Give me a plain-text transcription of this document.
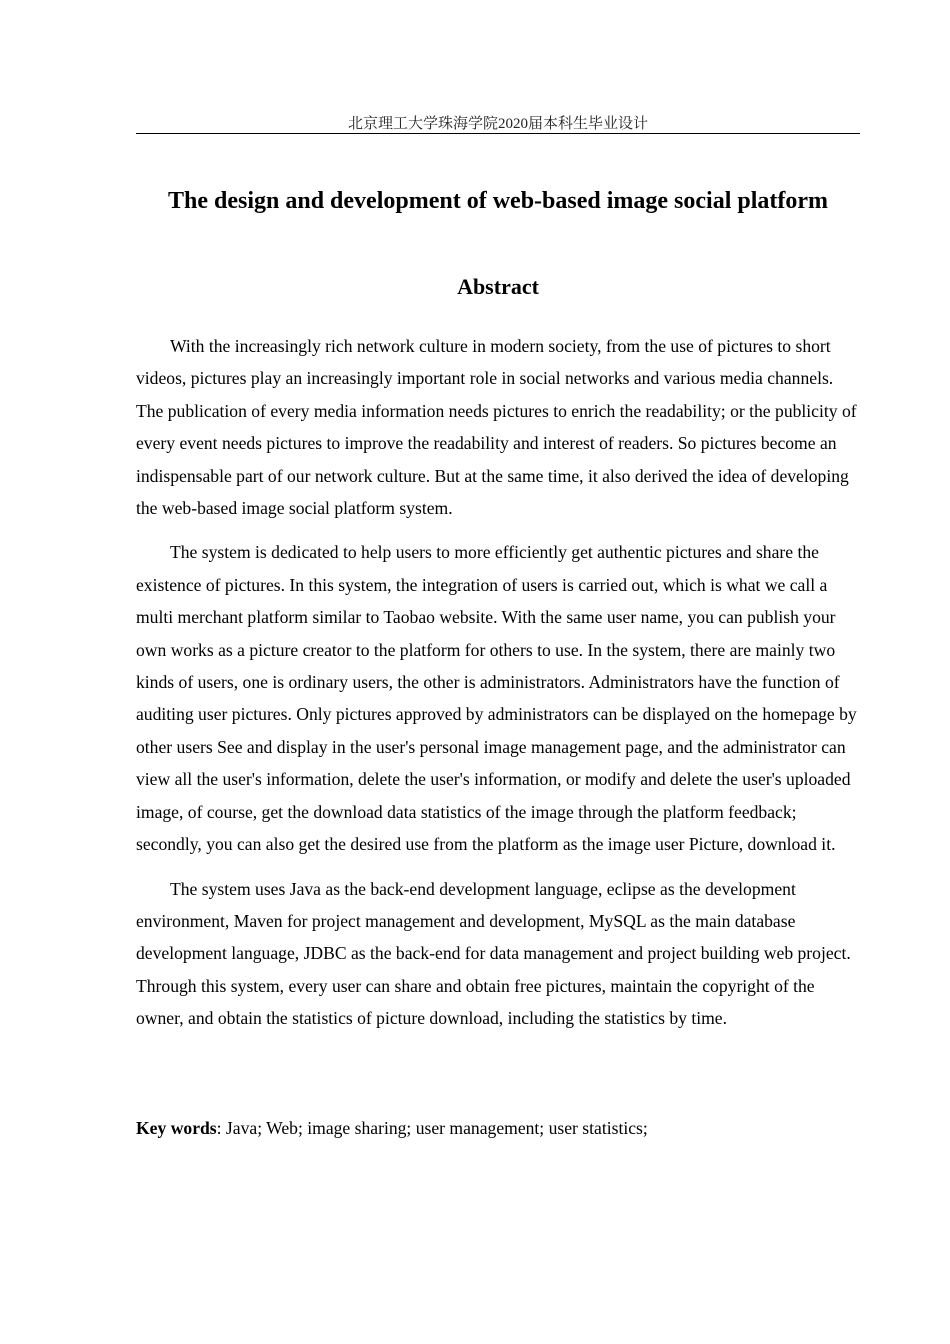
北京理工大学珠海学院2020届本科生毕业设计
The design and development of web-based image social platform
Abstract

With the increasingly rich network culture in modern society, from the use of pictures to short videos, pictures play an increasingly important role in social networks and various media channels. The publication of every media information needs pictures to enrich the readability; or the publicity of every event needs pictures to improve the readability and interest of readers. So pictures become an indispensable part of our network culture. But at the same time, it also derived the idea of developing the web-based image social platform system.

The system is dedicated to help users to more efficiently get authentic pictures and share the existence of pictures. In this system, the integration of users is carried out, which is what we call a multi merchant platform similar to Taobao website. With the same user name, you can publish your own works as a picture creator to the platform for others to use. In the system, there are mainly two kinds of users, one is ordinary users, the other is administrators. Administrators have the function of auditing user pictures. Only pictures approved by administrators can be displayed on the homepage by other users See and display in the user's personal image management page, and the administrator can view all the user's information, delete the user's information, or modify and delete the user's uploaded image, of course, get the download data statistics of the image through the platform feedback; secondly, you can also get the desired use from the platform as the image user Picture, download it.

The system uses Java as the back-end development language, eclipse as the development environment, Maven for project management and development, MySQL as the main database development language, JDBC as the back-end for data management and project building web project. Through this system, every user can share and obtain free pictures, maintain the copyright of the owner, and obtain the statistics of picture download, including the statistics by time.

Key words: Java; Web; image sharing; user management; user statistics;
